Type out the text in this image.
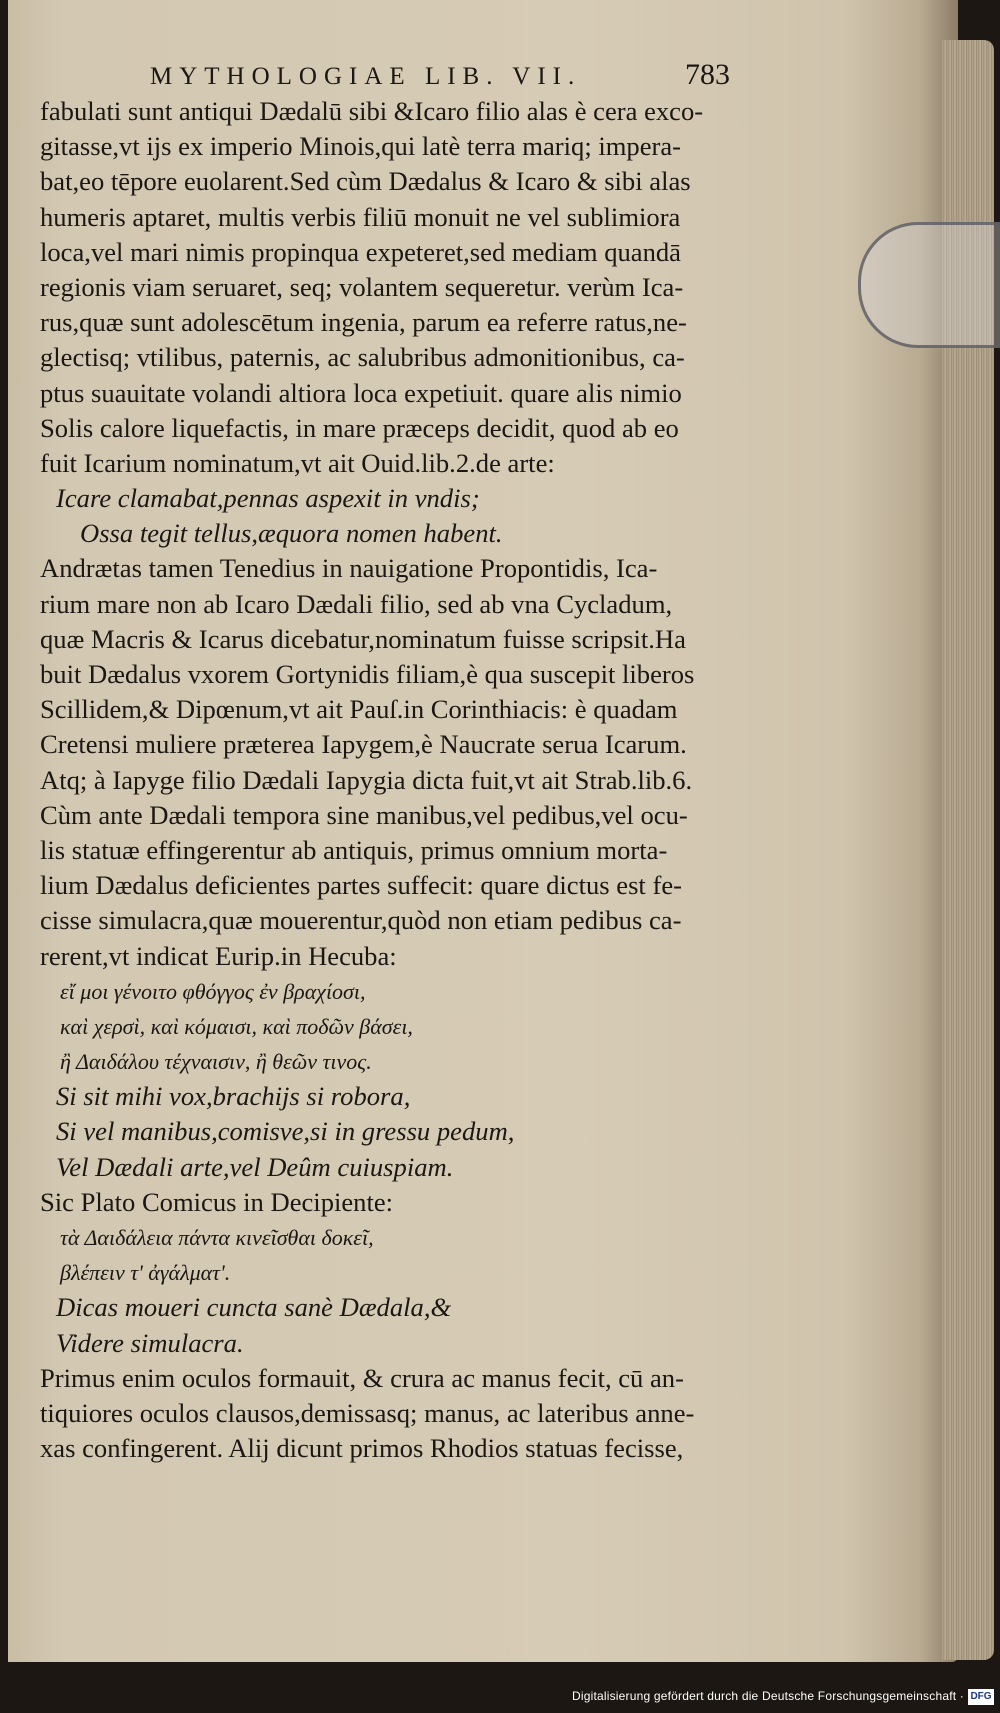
MYTHOLOGIAE LIB. VII.	783
fabulati sunt antiqui Dædalū sibi &Icaro filio alas è cera exco-
gitasse,vt ijs ex imperio Minois,qui latè terra mariq; impera-
bat,eo tēpore euolarent.Sed cùm Dædalus & Icaro & sibi alas
humeris aptaret, multis verbis filiū monuit ne vel sublimiora
loca,vel mari nimis propinqua expeteret,sed mediam quandā
regionis viam seruaret, seq; volantem sequeretur. verùm Ica-
rus,quæ sunt adolescētum ingenia, parum ea referre ratus,ne-
glectisq; vtilibus, paternis, ac salubribus admonitionibus, ca-
ptus suauitate volandi altiora loca expetiuit. quare alis nimio
Solis calore liquefactis, in mare præceps decidit, quod ab eo
fuit Icarium nominatum,vt ait Ouid.lib.2.de arte:
Icare clamabat,pennas aspexit in vndis;
Ossa tegit tellus,æquora nomen habent.
Andrætas tamen Tenedius in nauigatione Propontidis, Ica-
rium mare non ab Icaro Dædali filio, sed ab vna Cycladum,
quæ Macris & Icarus dicebatur,nominatum fuisse scripsit.Ha
buit Dædalus vxorem Gortynidis filiam,è qua suscepit liberos
Scillidem,& Dipœnum,vt ait Pauſ.in Corinthiacis: è quadam
Cretensi muliere præterea Iapygem,è Naucrate serua Icarum.
Atq; à Iapyge filio Dædali Iapygia dicta fuit,vt ait Strab.lib.6.
Cùm ante Dædali tempora sine manibus,vel pedibus,vel ocu-
lis statuæ effingerentur ab antiquis, primus omnium morta-
lium Dædalus deficientes partes suffecit: quare dictus est fe-
cisse simulacra,quæ mouerentur,quòd non etiam pedibus ca-
rerent,vt indicat Eurip.in Hecuba:
εἴ μοι γένοιτο φθόγγος ἐν βραχίοσι,
καὶ χερσὶ, καὶ κόμαισι, καὶ ποδῶν βάσει,
ἢ Δαιδάλου τέχναισιν, ἢ θεῶν τινος.
Si sit mihi vox,brachijs si robora,
Si vel manibus,comisve,si in gressu pedum,
Vel Dædali arte,vel Deûm cuiuspiam.
Sic Plato Comicus in Decipiente:
τὰ Δαιδάλεια πάντα κινεῖσθαι δοκεῖ,
βλέπειν τ' ἀγάλματ'.
Dicas moueri cuncta sanè Dædala,&
Videre simulacra.
Primus enim oculos formauit, & crura ac manus fecit, cū an-
tiquiores oculos clausos,demissasq; manus, ac lateribus anne-
xas confingerent. Alij dicunt primos Rhodios statuas fecisse,
Digitalisierung gefördert durch die Deutsche Forschungsgemeinschaft · DFG
